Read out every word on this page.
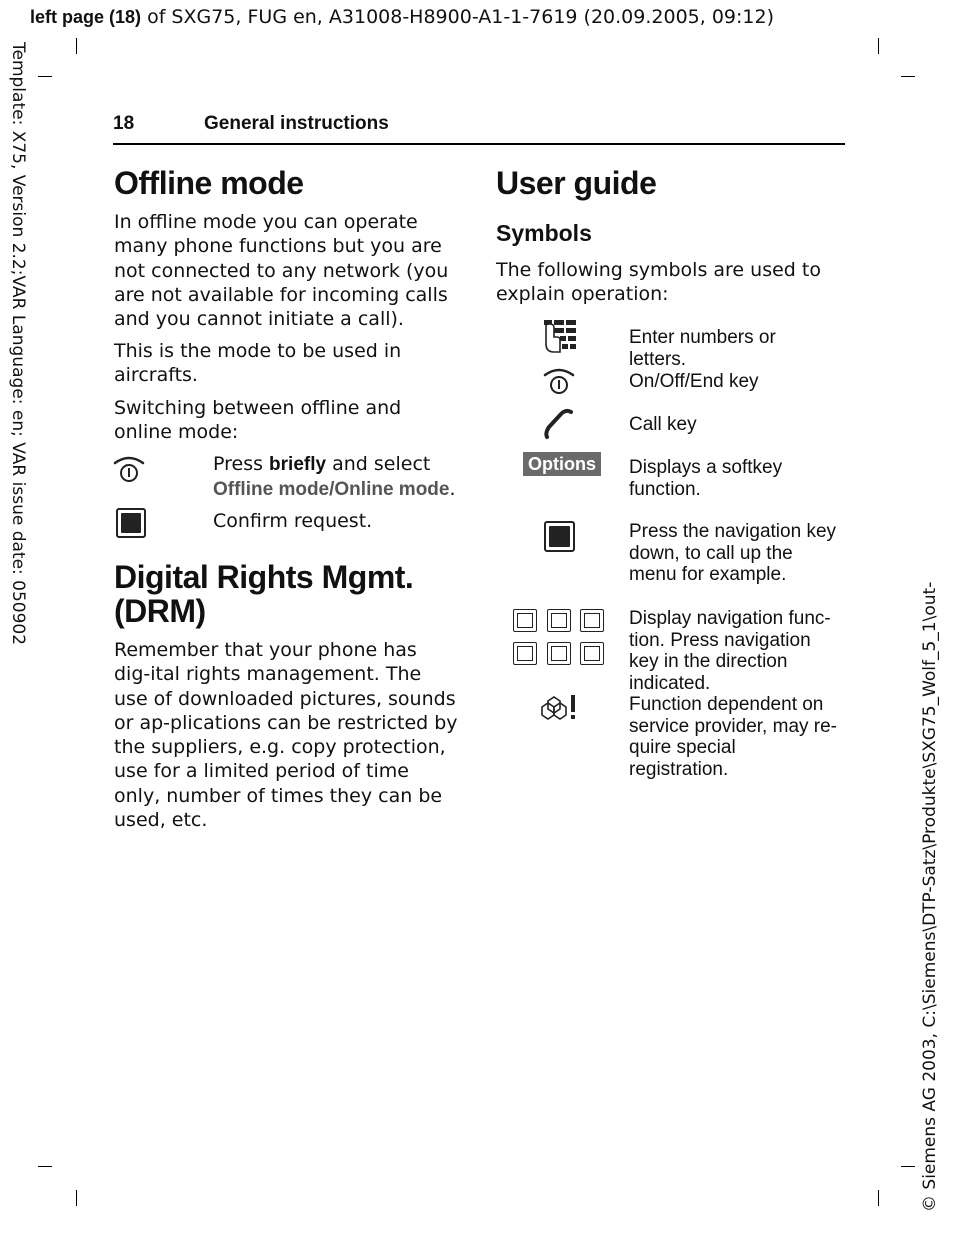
left page (18) of SXG75, FUG en, A31008-H8900-A1-1-7619 (20.09.2005, 09:12)
Template: X75, Version 2.2;VAR Language: en; VAR issue date: 050902
© Siemens AG 2003, C:\Siemens\DTP-Satz\Produkte\SXG75_Wolf_5_1\out-
18	General instructions
Offline mode

In offline mode you can operate many phone functions but you are not connected to any network (you are not available for incoming calls and you cannot initiate a call).

This is the mode to be used in aircrafts.

Switching between offline and online mode:

Press briefly and select
Offline mode/Online mode.

Confirm request.

Digital Rights Mgmt.
(DRM)

Remember that your phone has dig-ital rights management. The use of downloaded pictures, sounds or ap-plications can be restricted by the suppliers, e.g. copy protection, use for a limited period of time only, number of times they can be used, etc.

User guide
Symbols

The following symbols are used to explain operation:

Enter numbers or letters.
On/Off/End key
Call key
Options Displays a softkey function.
Press the navigation key down, to call up the menu for example.
Display navigation func-tion. Press navigation key in the direction indicated.
Function dependent on service provider, may re-quire special registration.
